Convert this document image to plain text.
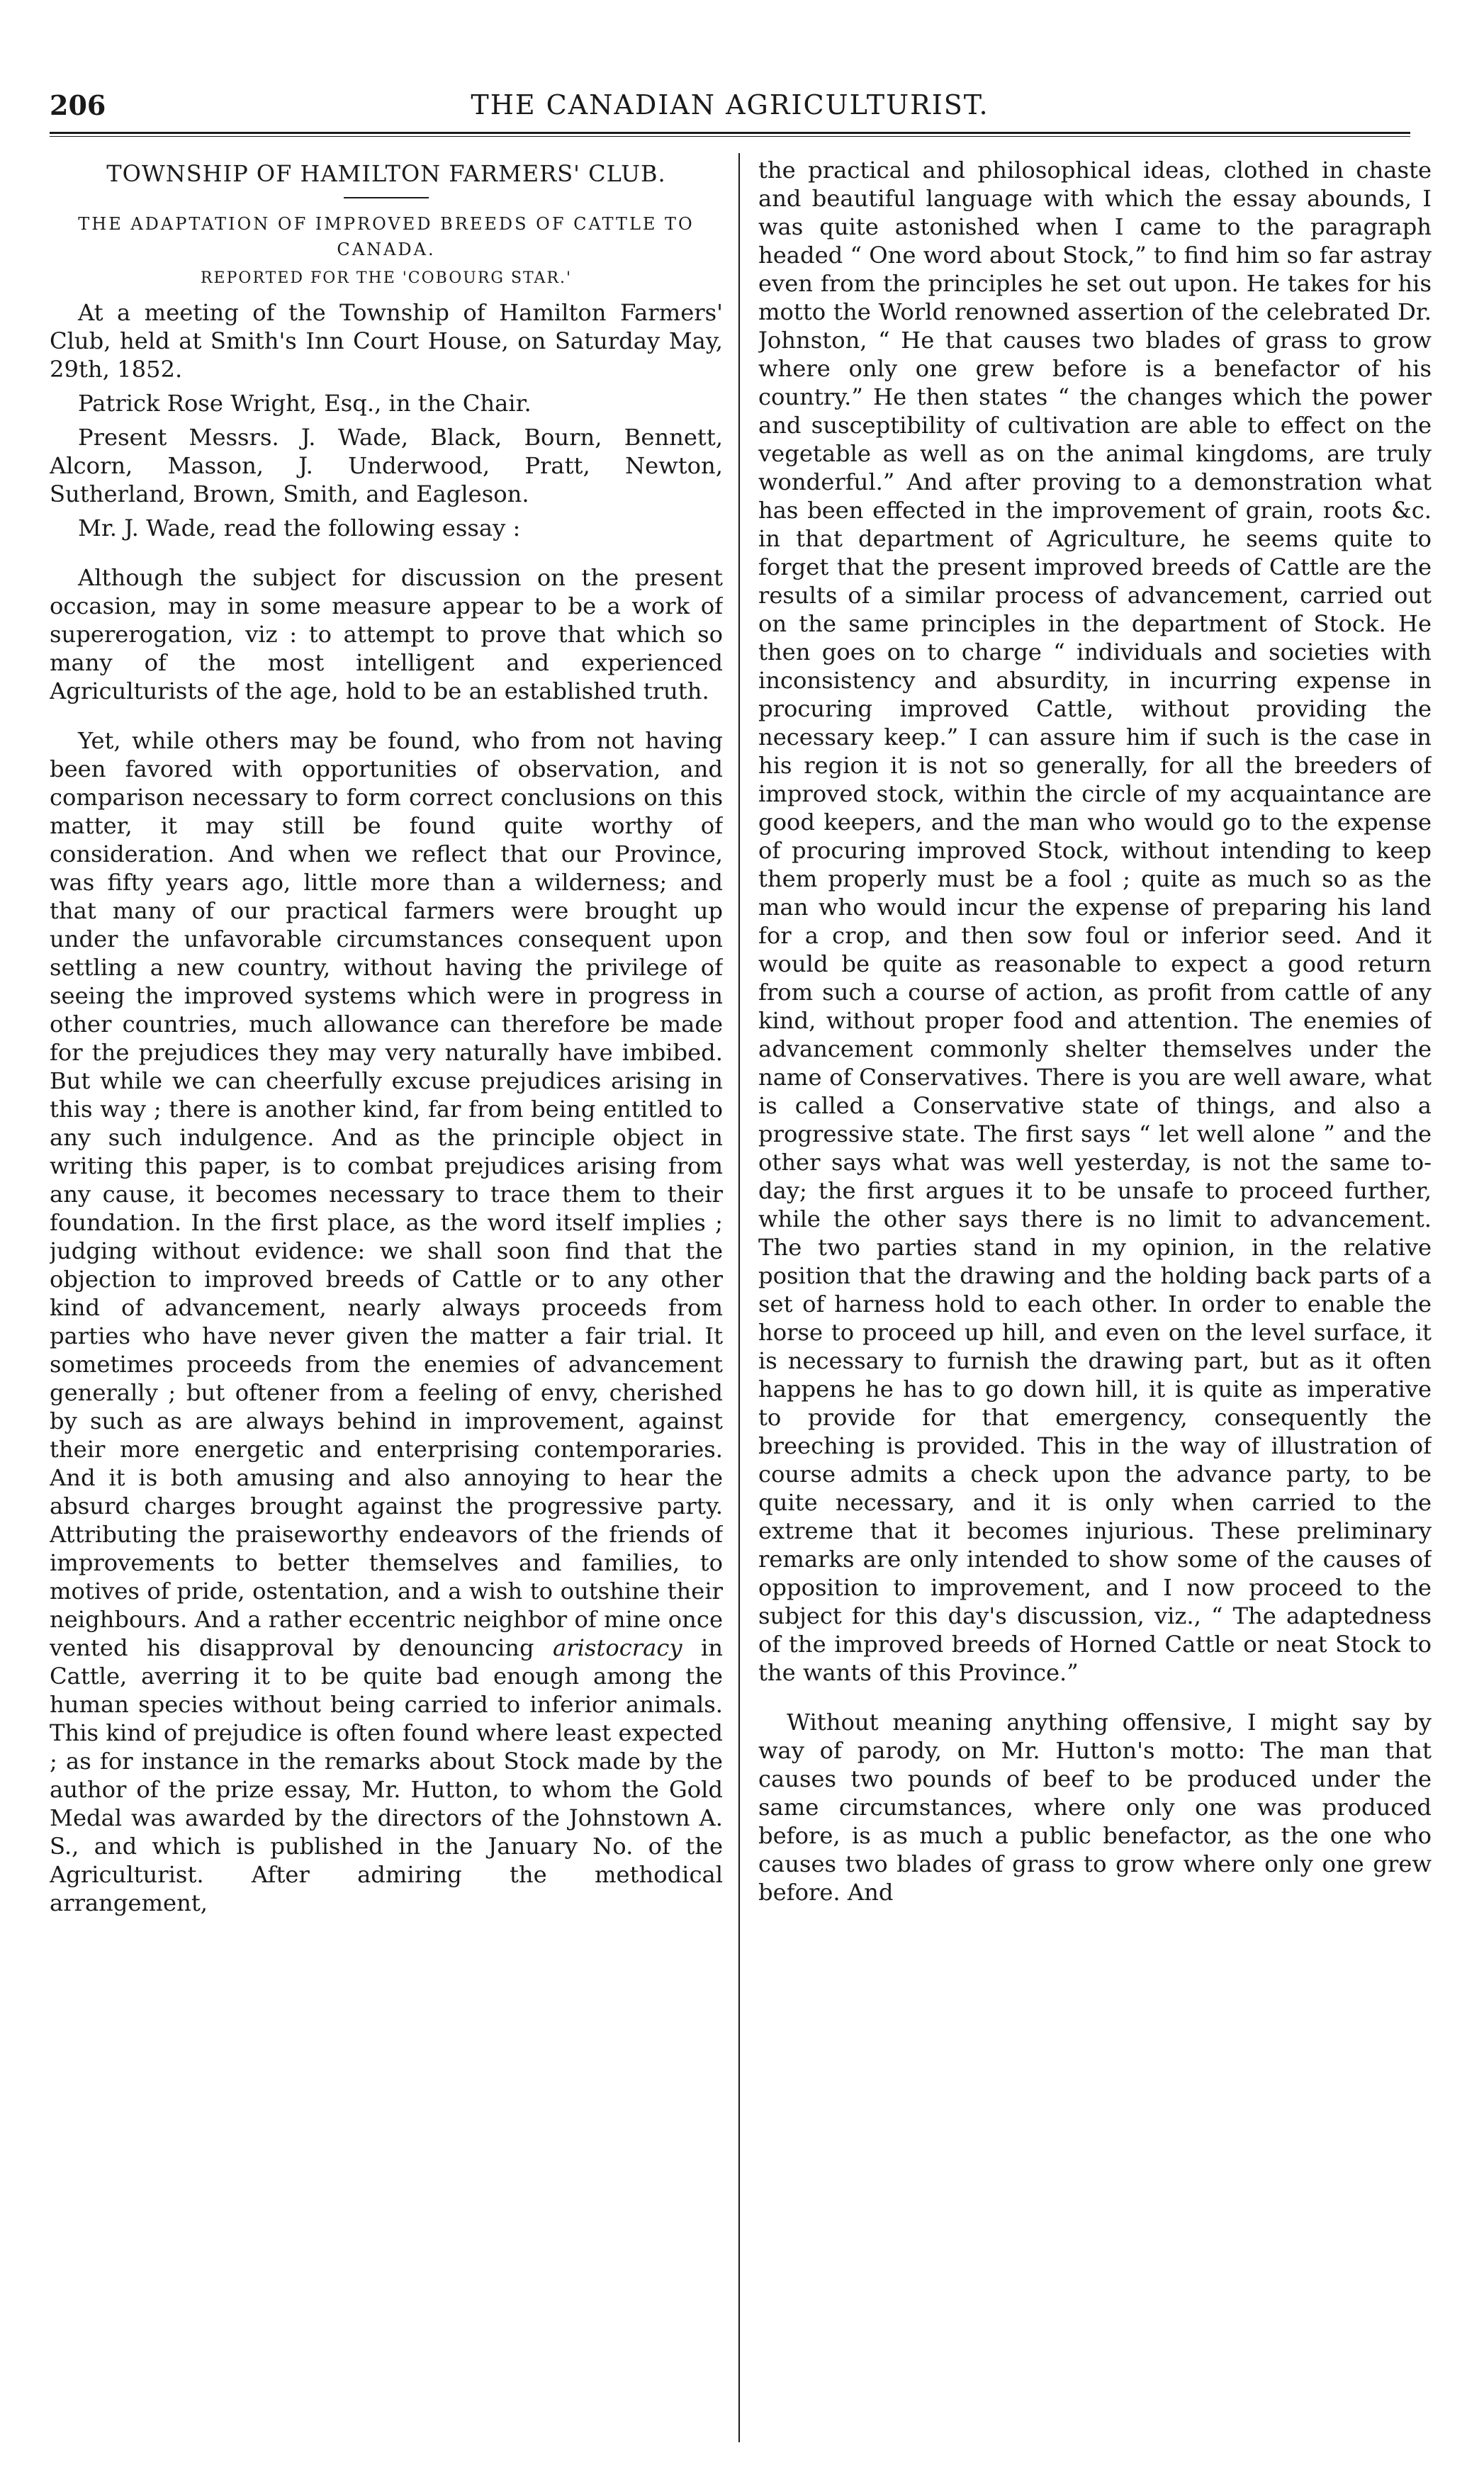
206	THE CANADIAN AGRICULTURIST.
TOWNSHIP OF HAMILTON FARMERS' CLUB.
THE ADAPTATION OF IMPROVED BREEDS OF CATTLE TO CANADA.
REPORTED FOR THE 'COBOURG STAR.'

At a meeting of the Township of Hamilton Farmers' Club, held at Smith's Inn Court House, on Saturday May, 29th, 1852.

Patrick Rose Wright, Esq., in the Chair.

Present Messrs. J. Wade, Black, Bourn, Bennett, Alcorn, Masson, J. Underwood, Pratt, Newton, Sutherland, Brown, Smith, and Eagleson.

Mr. J. Wade, read the following essay :

Although the subject for discussion on the present occasion, may in some measure appear to be a work of supererogation, viz : to attempt to prove that which so many of the most intelligent and experienced Agriculturists of the age, hold to be an established truth.

Yet, while others may be found, who from not having been favored with opportunities of observation, and comparison necessary to form correct conclusions on this matter, it may still be found quite worthy of consideration. And when we reflect that our Province, was fifty years ago, little more than a wilderness; and that many of our practical farmers were brought up under the unfavorable circumstances consequent upon settling a new country, without having the privilege of seeing the improved systems which were in progress in other countries, much allowance can therefore be made for the prejudices they may very naturally have imbibed. But while we can cheerfully excuse prejudices arising in this way ; there is another kind, far from being entitled to any such indulgence. And as the principle object in writing this paper, is to combat prejudices arising from any cause, it becomes necessary to trace them to their foundation. In the first place, as the word itself implies ; judging without evidence: we shall soon find that the objection to improved breeds of Cattle or to any other kind of advancement, nearly always proceeds from parties who have never given the matter a fair trial. It sometimes proceeds from the enemies of advancement generally ; but oftener from a feeling of envy, cherished by such as are always behind in improvement, against their more energetic and enterprising contemporaries. And it is both amusing and also annoying to hear the absurd charges brought against the progressive party. Attributing the praiseworthy endeavors of the friends of improvements to better themselves and families, to motives of pride, ostentation, and a wish to outshine their neighbours. And a rather eccentric neighbor of mine once vented his disapproval by denouncing aristocracy in Cattle, averring it to be quite bad enough among the human species without being carried to inferior animals. This kind of prejudice is often found where least expected ; as for instance in the remarks about Stock made by the author of the prize essay, Mr. Hutton, to whom the Gold Medal was awarded by the directors of the Johnstown A. S., and which is published in the January No. of the Agriculturist. After admiring the methodical arrangement,

the practical and philosophical ideas, clothed in chaste and beautiful language with which the essay abounds, I was quite astonished when I came to the paragraph headed “ One word about Stock,” to find him so far astray even from the principles he set out upon. He takes for his motto the World renowned assertion of the celebrated Dr. Johnston, “ He that causes two blades of grass to grow where only one grew before is a benefactor of his country.” He then states “ the changes which the power and susceptibility of cultivation are able to effect on the vegetable as well as on the animal kingdoms, are truly wonderful.” And after proving to a demonstration what has been effected in the improvement of grain, roots &c. in that department of Agriculture, he seems quite to forget that the present improved breeds of Cattle are the results of a similar process of advancement, carried out on the same principles in the department of Stock. He then goes on to charge “ individuals and societies with inconsistency and absurdity, in incurring expense in procuring improved Cattle, without providing the necessary keep.” I can assure him if such is the case in his region it is not so generally, for all the breeders of improved stock, within the circle of my acquaintance are good keepers, and the man who would go to the expense of procuring improved Stock, without intending to keep them properly must be a fool ; quite as much so as the man who would incur the expense of preparing his land for a crop, and then sow foul or inferior seed. And it would be quite as reasonable to expect a good return from such a course of action, as profit from cattle of any kind, without proper food and attention. The enemies of advancement commonly shelter themselves under the name of Conservatives. There is you are well aware, what is called a Conservative state of things, and also a progressive state. The first says “ let well alone ” and the other says what was well yesterday, is not the same to-day; the first argues it to be unsafe to proceed further, while the other says there is no limit to advancement. The two parties stand in my opinion, in the relative position that the drawing and the holding back parts of a set of harness hold to each other. In order to enable the horse to proceed up hill, and even on the level surface, it is necessary to furnish the drawing part, but as it often happens he has to go down hill, it is quite as imperative to provide for that emergency, consequently the breeching is provided. This in the way of illustration of course admits a check upon the advance party, to be quite necessary, and it is only when carried to the extreme that it becomes injurious. These preliminary remarks are only intended to show some of the causes of opposition to improvement, and I now proceed to the subject for this day's discussion, viz., “ The adaptedness of the improved breeds of Horned Cattle or neat Stock to the wants of this Province.”

Without meaning anything offensive, I might say by way of parody, on Mr. Hutton's motto: The man that causes two pounds of beef to be produced under the same circumstances, where only one was produced before, is as much a public benefactor, as the one who causes two blades of grass to grow where only one grew before. And
